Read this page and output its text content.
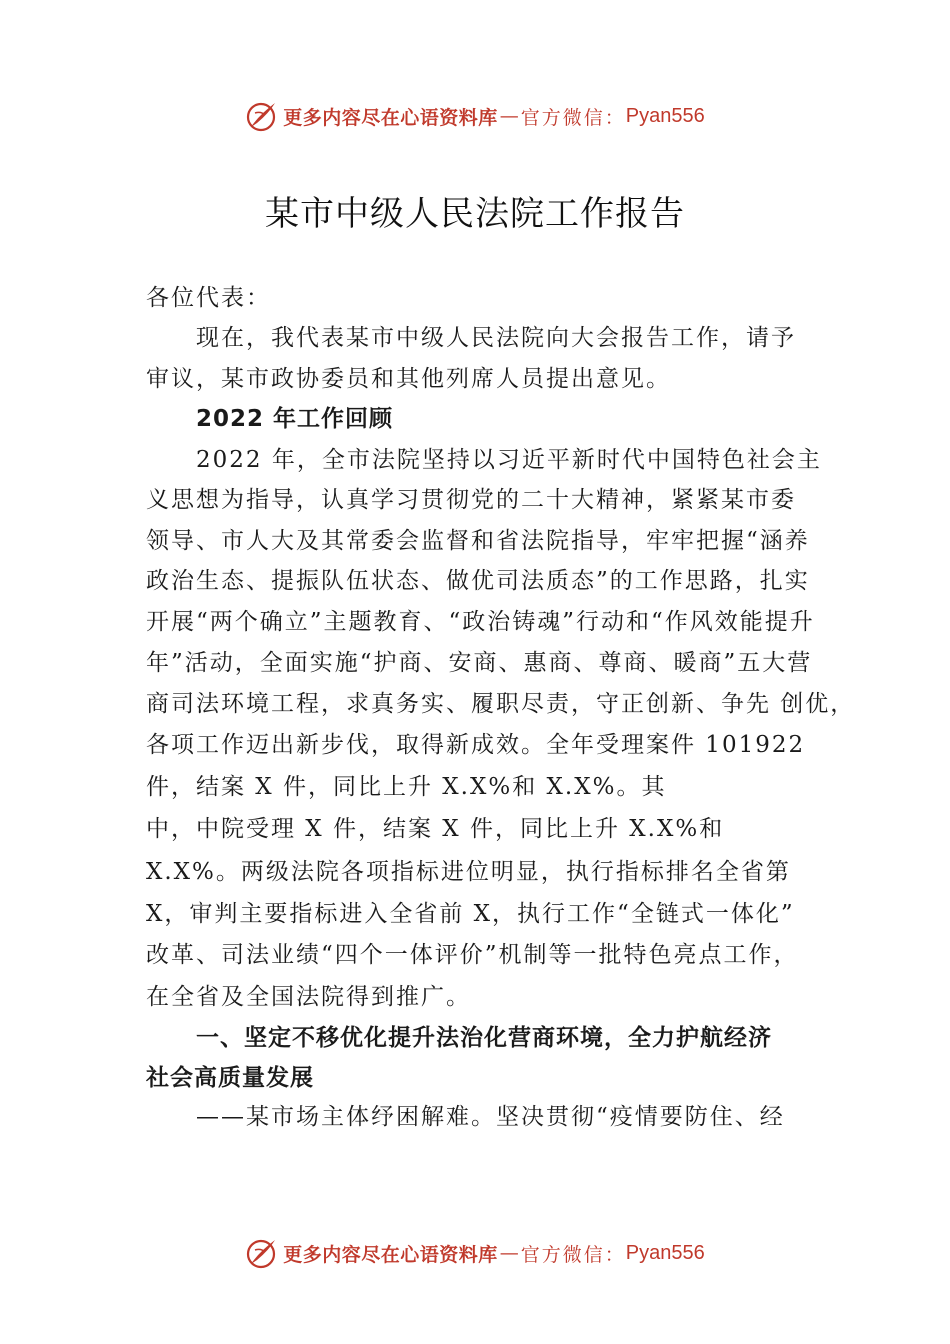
更多内容尽在心语资料库 — 官方微信： Pyan556
某市中级人民法院工作报告
各位代表：
现在，我代表某市中级人民法院向大会报告工作，请予
审议，某市政协委员和其他列席人员提出意见。
2022 年工作回顾
2022 年，全市法院坚持以习近平新时代中国特色社会主
义思想为指导，认真学习贯彻党的二十大精神，紧紧某市委
领导、市人大及其常委会监督和省法院指导，牢牢把握“涵养
政治生态、提振队伍状态、做优司法质态”的工作思路，扎实
开展“两个确立”主题教育、“政治铸魂”行动和“作风效能提升
年”活动，全面实施“护商、安商、惠商、尊商、暖商”五大营
商司法环境工程，求真务实、履职尽责，守正创新、争先 创优，
各项工作迈出新步伐，取得新成效。全年受理案件 101922
件，结案 X 件，同比上升 X.X%和 X.X%。其
中，中院受理 X 件，结案 X 件，同比上升 X.X%和
X.X%。两级法院各项指标进位明显，执行指标排名全省第
X，审判主要指标进入全省前 X，执行工作“全链式一体化”
改革、司法业绩“四个一体评价”机制等一批特色亮点工作，
在全省及全国法院得到推广。
一、坚定不移优化提升法治化营商环境，全力护航经济
社会高质量发展
——某市场主体纾困解难。坚决贯彻“疫情要防住、经
更多内容尽在心语资料库 — 官方微信： Pyan556
